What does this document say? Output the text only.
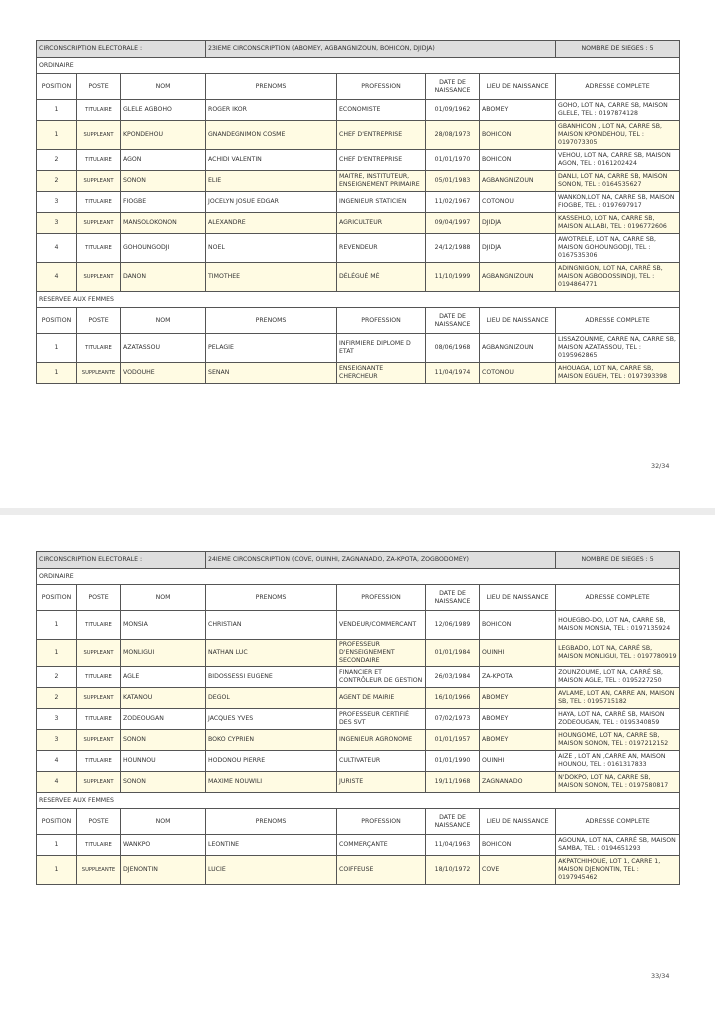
CIRCONSCRIPTION ELECTORALE :			23IEME CIRCONSCRIPTION (ABOMEY, AGBANGNIZOUN, BOHICON, DJIDJA)				NOMBRE DE SIEGES : 5
ORDINAIRE							
POSITION	POSTE	NOM	PRENOMS	PROFESSION	DATE DE NAISSANCE	LIEU DE NAISSANCE	ADRESSE COMPLETE
1	TITULAIRE	GLELE AGBOHO	ROGER IKOR	ECONOMISTE	01/09/1962	ABOMEY	GOHO, LOT NA, CARRE SB, MAISON GLELE, TEL : 0197874128
1	SUPPLEANT	KPONDEHOU	GNANDEGNIMON COSME	CHEF D'ENTREPRISE	28/08/1973	BOHICON	GBANHICON , LOT NA, CARRE SB, MAISON KPONDEHOU, TEL : 0197073305
2	TITULAIRE	AGON	ACHIDI VALENTIN	CHEF D'ENTREPRISE	01/01/1970	BOHICON	VEHOU, LOT NA, CARRE SB, MAISON AGON, TEL : 0161202424
2	SUPPLEANT	SONON	ELIE	MAITRE, INSTITUTEUR, ENSEIGNEMENT PRIMAIRE	05/01/1983	AGBANGNIZOUN	DANLI, LOT NA, CARRE SB, MAISON SONON, TEL : 0164535627
3	TITULAIRE	FIOGBE	JOCELYN JOSUE EDGAR	INGENIEUR STATICIEN	11/02/1967	COTONOU	WANKON,LOT NA, CARRE SB, MAISON FIOGBE, TEL : 0197697917
3	SUPPLEANT	MANSOLOKONON	ALEXANDRE	AGRICULTEUR	09/04/1997	DJIDJA	KASSEHLO, LOT NA, CARRE SB, MAISON ALLABI, TEL : 0196772606
4	TITULAIRE	GOHOUNGODJI	NOEL	REVENDEUR	24/12/1988	DJIDJA	AWOTRELE, LOT NA, CARRE SB, MAISON GOHOUNGODJI, TEL : 0167535306
4	SUPPLEANT	DANON	TIMOTHEE	DÉLÉGUÉ MÉ	11/10/1999	AGBANGNIZOUN	ADINGNIGON, LOT NA, CARRÉ SB, MAISON AGBODOSSINDJI, TEL : 0194864771
RESERVEE AUX FEMMES							
POSITION	POSTE	NOM	PRENOMS	PROFESSION	DATE DE NAISSANCE	LIEU DE NAISSANCE	ADRESSE COMPLETE
1	TITULAIRE	AZATASSOU	PELAGIE	INFIRMIERE DIPLOME D ETAT	08/06/1968	AGBANGNIZOUN	LISSAZOUNME, CARRE NA, CARRE SB, MAISON AZATASSOU, TEL : 0195962865
1	SUPPLEANTE	VODOUHE	SENAN	ENSEIGNANTE CHERCHEUR	11/04/1974	COTONOU	AHOUAGA, LOT NA, CARRE SB, MAISON EGUEH, TEL : 0197393398
32/34
CIRCONSCRIPTION ELECTORALE :			24IEME CIRCONSCRIPTION (COVE, OUINHI, ZAGNANADO, ZA-KPOTA, ZOGBODOMEY)				NOMBRE DE SIEGES : 5
ORDINAIRE							
POSITION	POSTE	NOM	PRENOMS	PROFESSION	DATE DE NAISSANCE	LIEU DE NAISSANCE	ADRESSE COMPLETE
1	TITULAIRE	MONSIA	CHRISTIAN	VENDEUR/COMMERCANT	12/06/1989	BOHICON	HOUEGBO-DO, LOT NA, CARRE SB, MAISON MONSIA, TEL : 0197135924
1	SUPPLEANT	MONLIGUI	NATHAN LUC	PROFESSEUR D'ENSEIGNEMENT SECONDAIRE	01/01/1984	OUINHI	LEGBADO, LOT NA, CARRÉ SB, MAISON MONLIGUI, TEL : 0197780919
2	TITULAIRE	AGLE	BIDOSSESSI EUGENE	FINANCIER ET CONTRÔLEUR DE GESTION	26/03/1984	ZA-KPOTA	ZOUNZOUME, LOT NA, CARRÉ SB, MAISON AGLE, TEL : 0195227250
2	SUPPLEANT	KATANOU	DEGOL	AGENT DE MAIRIE	16/10/1966	ABOMEY	AVLAME, LOT AN, CARRE AN, MAISON SB, TEL : 0195715182
3	TITULAIRE	ZODEOUGAN	JACQUES YVES	PROFESSEUR CERTIFIÉ DES SVT	07/02/1973	ABOMEY	HAYA, LOT NA, CARRÉ SB, MAISON ZODEOUGAN, TEL : 0195340859
3	SUPPLEANT	SONON	BOKO CYPRIEN	INGENIEUR AGRONOME	01/01/1957	ABOMEY	HOUNGOME, LOT NA, CARRE SB, MAISON SONON, TEL : 0197212152
4	TITULAIRE	HOUNNOU	HODONOU PIERRE	CULTIVATEUR	01/01/1990	OUINHI	AIZE , LOT AN ,CARRE AN, MAISON HOUNOU, TEL : 0161317833
4	SUPPLEANT	SONON	MAXIME NOUWILI	JURISTE	19/11/1968	ZAGNANADO	N'DOKPO, LOT NA, CARRE SB, MAISON SONON, TEL : 0197580817
RESERVEE AUX FEMMES							
POSITION	POSTE	NOM	PRENOMS	PROFESSION	DATE DE NAISSANCE	LIEU DE NAISSANCE	ADRESSE COMPLETE
1	TITULAIRE	WANKPO	LEONTINE	COMMERÇANTE	11/04/1963	BOHICON	AGOUNA, LOT NA, CARRÉ SB, MAISON SAMBA, TEL : 0194651293
1	SUPPLEANTE	DJENONTIN	LUCIE	COIFFEUSE	18/10/1972	COVE	AKPATCHIHOUE, LOT 1, CARRE 1, MAISON DJENONTIN, TEL : 0197945462
33/34
